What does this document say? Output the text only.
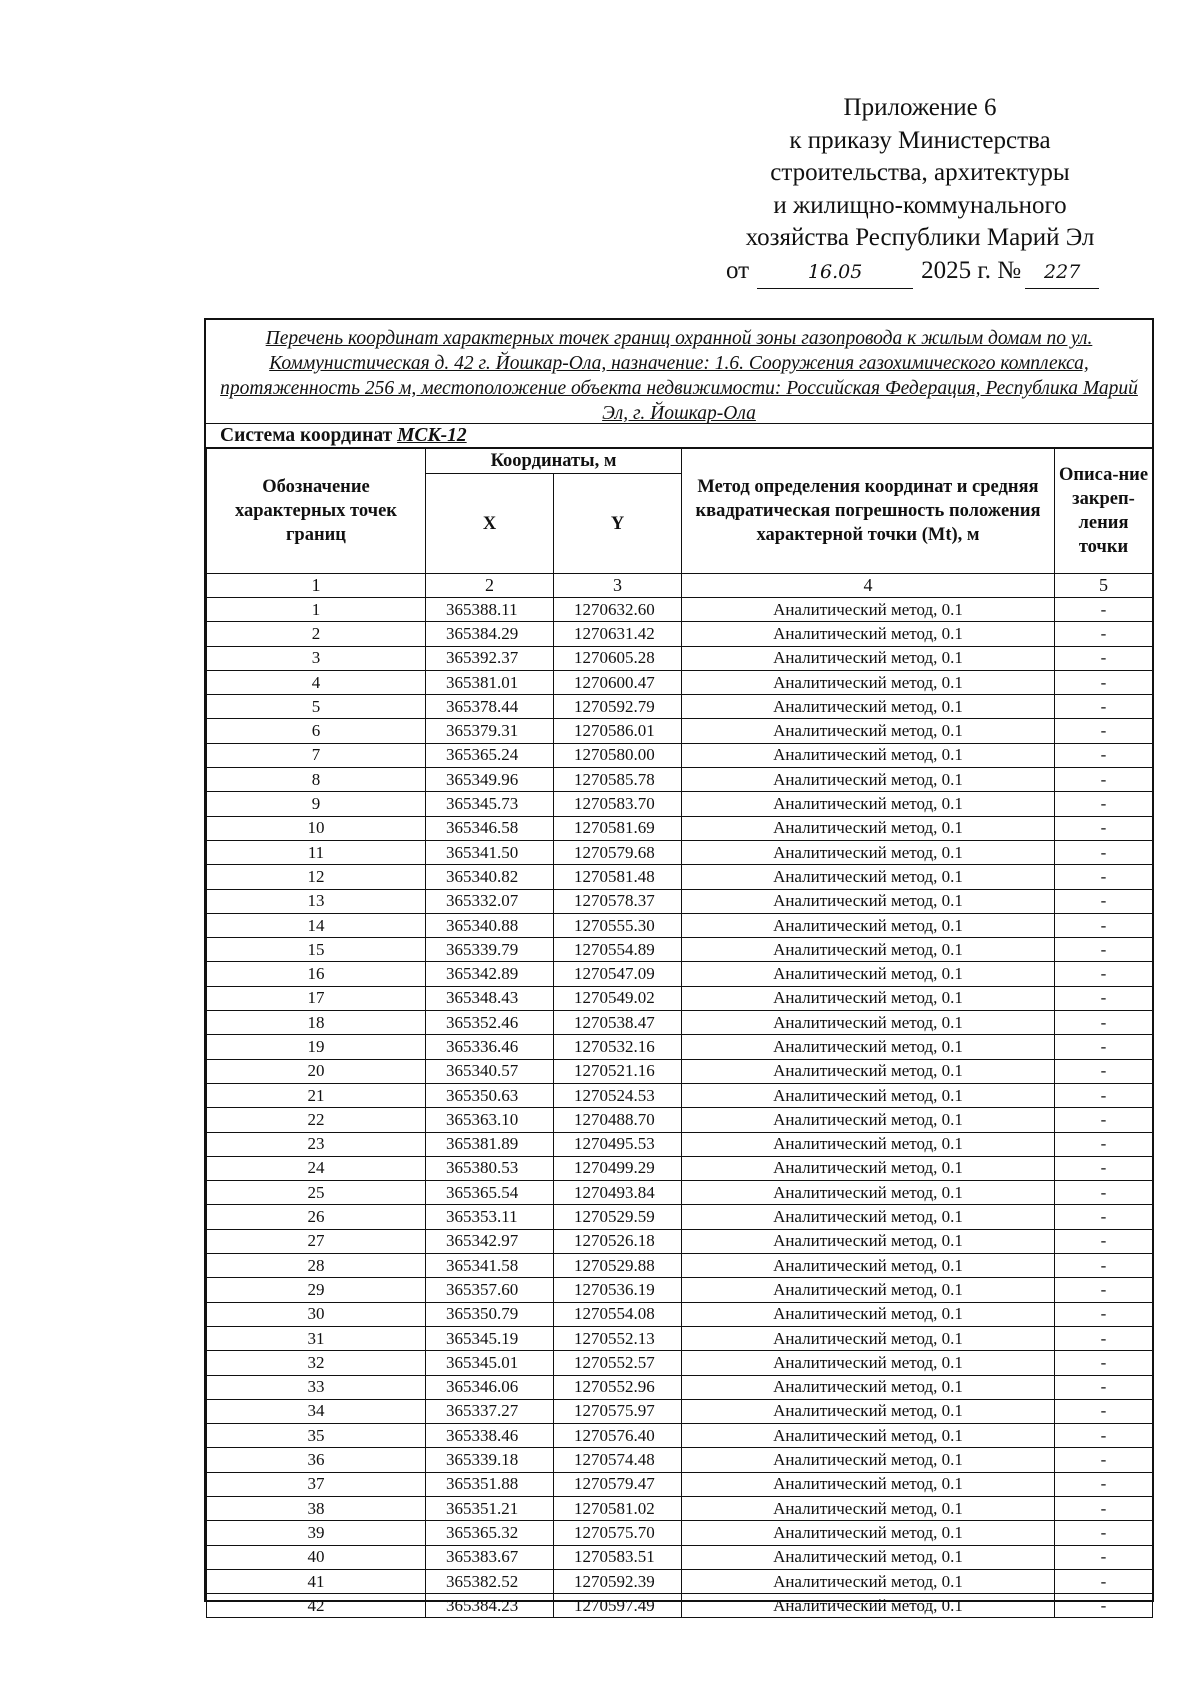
Приложение 6
к приказу Министерства
строительства, архитектуры
и жилищно-коммунального
хозяйства Республики Марий Эл
от	16.05 2025 г. № 227
Перечень координат характерных точек границ охранной зоны газопровода к жилым домам по ул. Коммунистическая д. 42 г. Йошкар-Ола, назначение: 1.6. Сооружения газохимического комплекса, протяженность 256 м, местоположение объекта недвижимости: Российская Федерация, Республика Марий Эл, г. Йошкар-Ола
Система координат МСК-12
Обозначение характерных точек границ	Координаты, м		Метод определения координат и средняя квадратическая погрешность положения характерной точки (Mt), м	Описа-ние закреп-ления точки
	X	Y		
1	2	3	4	5
1	365388.11	1270632.60	Аналитический метод, 0.1	-
2	365384.29	1270631.42	Аналитический метод, 0.1	-
3	365392.37	1270605.28	Аналитический метод, 0.1	-
4	365381.01	1270600.47	Аналитический метод, 0.1	-
5	365378.44	1270592.79	Аналитический метод, 0.1	-
6	365379.31	1270586.01	Аналитический метод, 0.1	-
7	365365.24	1270580.00	Аналитический метод, 0.1	-
8	365349.96	1270585.78	Аналитический метод, 0.1	-
9	365345.73	1270583.70	Аналитический метод, 0.1	-
10	365346.58	1270581.69	Аналитический метод, 0.1	-
11	365341.50	1270579.68	Аналитический метод, 0.1	-
12	365340.82	1270581.48	Аналитический метод, 0.1	-
13	365332.07	1270578.37	Аналитический метод, 0.1	-
14	365340.88	1270555.30	Аналитический метод, 0.1	-
15	365339.79	1270554.89	Аналитический метод, 0.1	-
16	365342.89	1270547.09	Аналитический метод, 0.1	-
17	365348.43	1270549.02	Аналитический метод, 0.1	-
18	365352.46	1270538.47	Аналитический метод, 0.1	-
19	365336.46	1270532.16	Аналитический метод, 0.1	-
20	365340.57	1270521.16	Аналитический метод, 0.1	-
21	365350.63	1270524.53	Аналитический метод, 0.1	-
22	365363.10	1270488.70	Аналитический метод, 0.1	-
23	365381.89	1270495.53	Аналитический метод, 0.1	-
24	365380.53	1270499.29	Аналитический метод, 0.1	-
25	365365.54	1270493.84	Аналитический метод, 0.1	-
26	365353.11	1270529.59	Аналитический метод, 0.1	-
27	365342.97	1270526.18	Аналитический метод, 0.1	-
28	365341.58	1270529.88	Аналитический метод, 0.1	-
29	365357.60	1270536.19	Аналитический метод, 0.1	-
30	365350.79	1270554.08	Аналитический метод, 0.1	-
31	365345.19	1270552.13	Аналитический метод, 0.1	-
32	365345.01	1270552.57	Аналитический метод, 0.1	-
33	365346.06	1270552.96	Аналитический метод, 0.1	-
34	365337.27	1270575.97	Аналитический метод, 0.1	-
35	365338.46	1270576.40	Аналитический метод, 0.1	-
36	365339.18	1270574.48	Аналитический метод, 0.1	-
37	365351.88	1270579.47	Аналитический метод, 0.1	-
38	365351.21	1270581.02	Аналитический метод, 0.1	-
39	365365.32	1270575.70	Аналитический метод, 0.1	-
40	365383.67	1270583.51	Аналитический метод, 0.1	-
41	365382.52	1270592.39	Аналитический метод, 0.1	-
42	365384.23	1270597.49	Аналитический метод, 0.1	-
